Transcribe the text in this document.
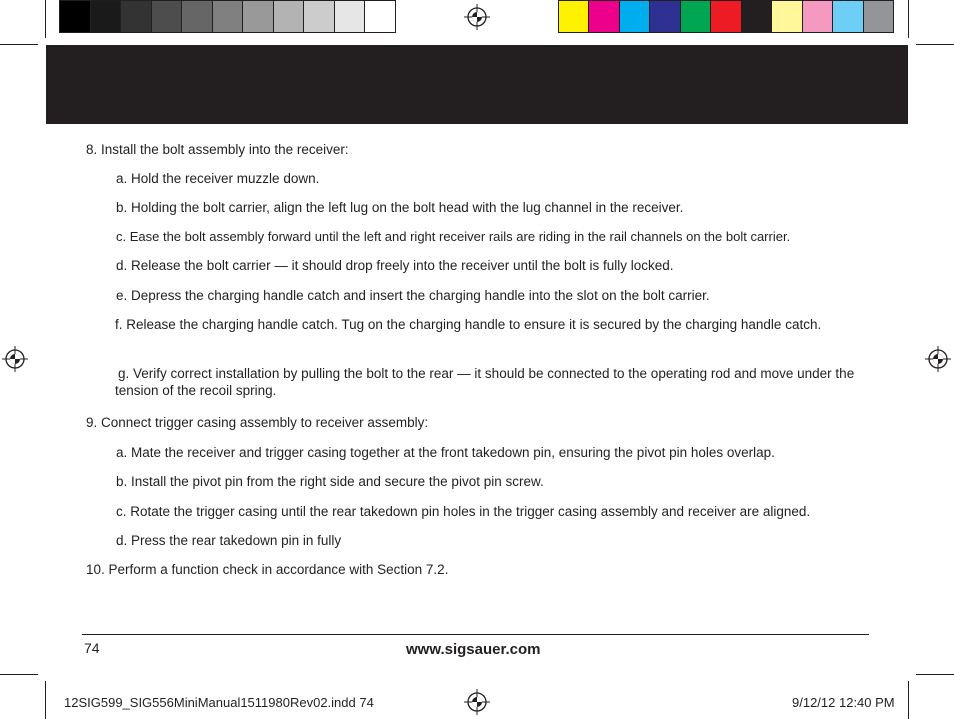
8. Install the bolt assembly into the receiver:
a. Hold the receiver muzzle down.
b. Holding the bolt carrier, align the left lug on the bolt head with the lug channel in the receiver.
c. Ease the bolt assembly forward until the left and right receiver rails are riding in the rail channels on the bolt carrier.
d. Release the bolt carrier — it should drop freely into the receiver until the bolt is fully locked.
e. Depress the charging handle catch and insert the charging handle into the slot on the bolt carrier.
f. Release the charging handle catch. Tug on the charging handle to ensure it is secured by the charging handle catch.
g. Verify correct installation by pulling the bolt to the rear — it should be connected to the operating rod and move under the tension of the recoil spring.
9. Connect trigger casing assembly to receiver assembly:
a. Mate the receiver and trigger casing together at the front takedown pin, ensuring the pivot pin holes overlap.
b. Install the pivot pin from the right side and secure the pivot pin screw.
c. Rotate the trigger casing until the rear takedown pin holes in the trigger casing assembly and receiver are aligned.
d. Press the rear takedown pin in fully
10. Perform a function check in accordance with Section 7.2.
74	www.sigsauer.com
12SIG599_SIG556MiniManual1511980Rev02.indd 74	9/12/12 12:40 PM
